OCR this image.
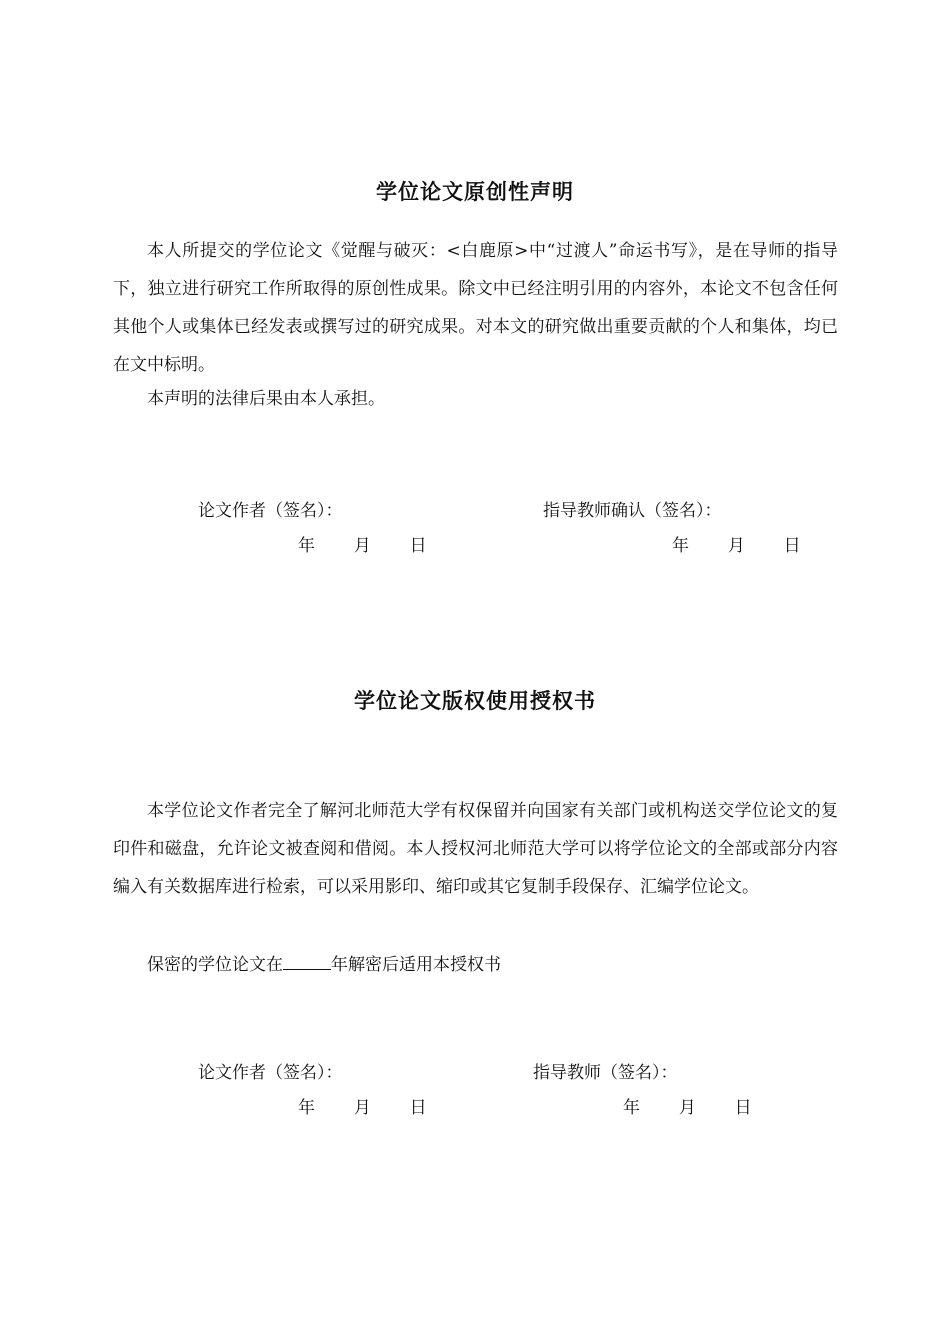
学位论文原创性声明

本人所提交的学位论文《觉醒与破灭：<白鹿原>中“过渡人”命运书写》，是在导师的指导下，独立进行研究工作所取得的原创性成果。除文中已经注明引用的内容外，本论文不包含任何其他个人或集体已经发表或撰写过的研究成果。对本文的研究做出重要贡献的个人和集体，均已在文中标明。

本声明的法律后果由本人承担。

论文作者（签名）：	指导教师确认（签名）：
年 月 日	年 月 日
学位论文版权使用授权书

本学位论文作者完全了解河北师范大学有权保留并向国家有关部门或机构送交学位论文的复印件和磁盘，允许论文被查阅和借阅。本人授权河北师范大学可以将学位论文的全部或部分内容编入有关数据库进行检索，可以采用影印、缩印或其它复制手段保存、汇编学位论文。

保密的学位论文在	年解密后适用本授权书
论文作者（签名）：	指导教师（签名）：
年 月 日	年 月 日
